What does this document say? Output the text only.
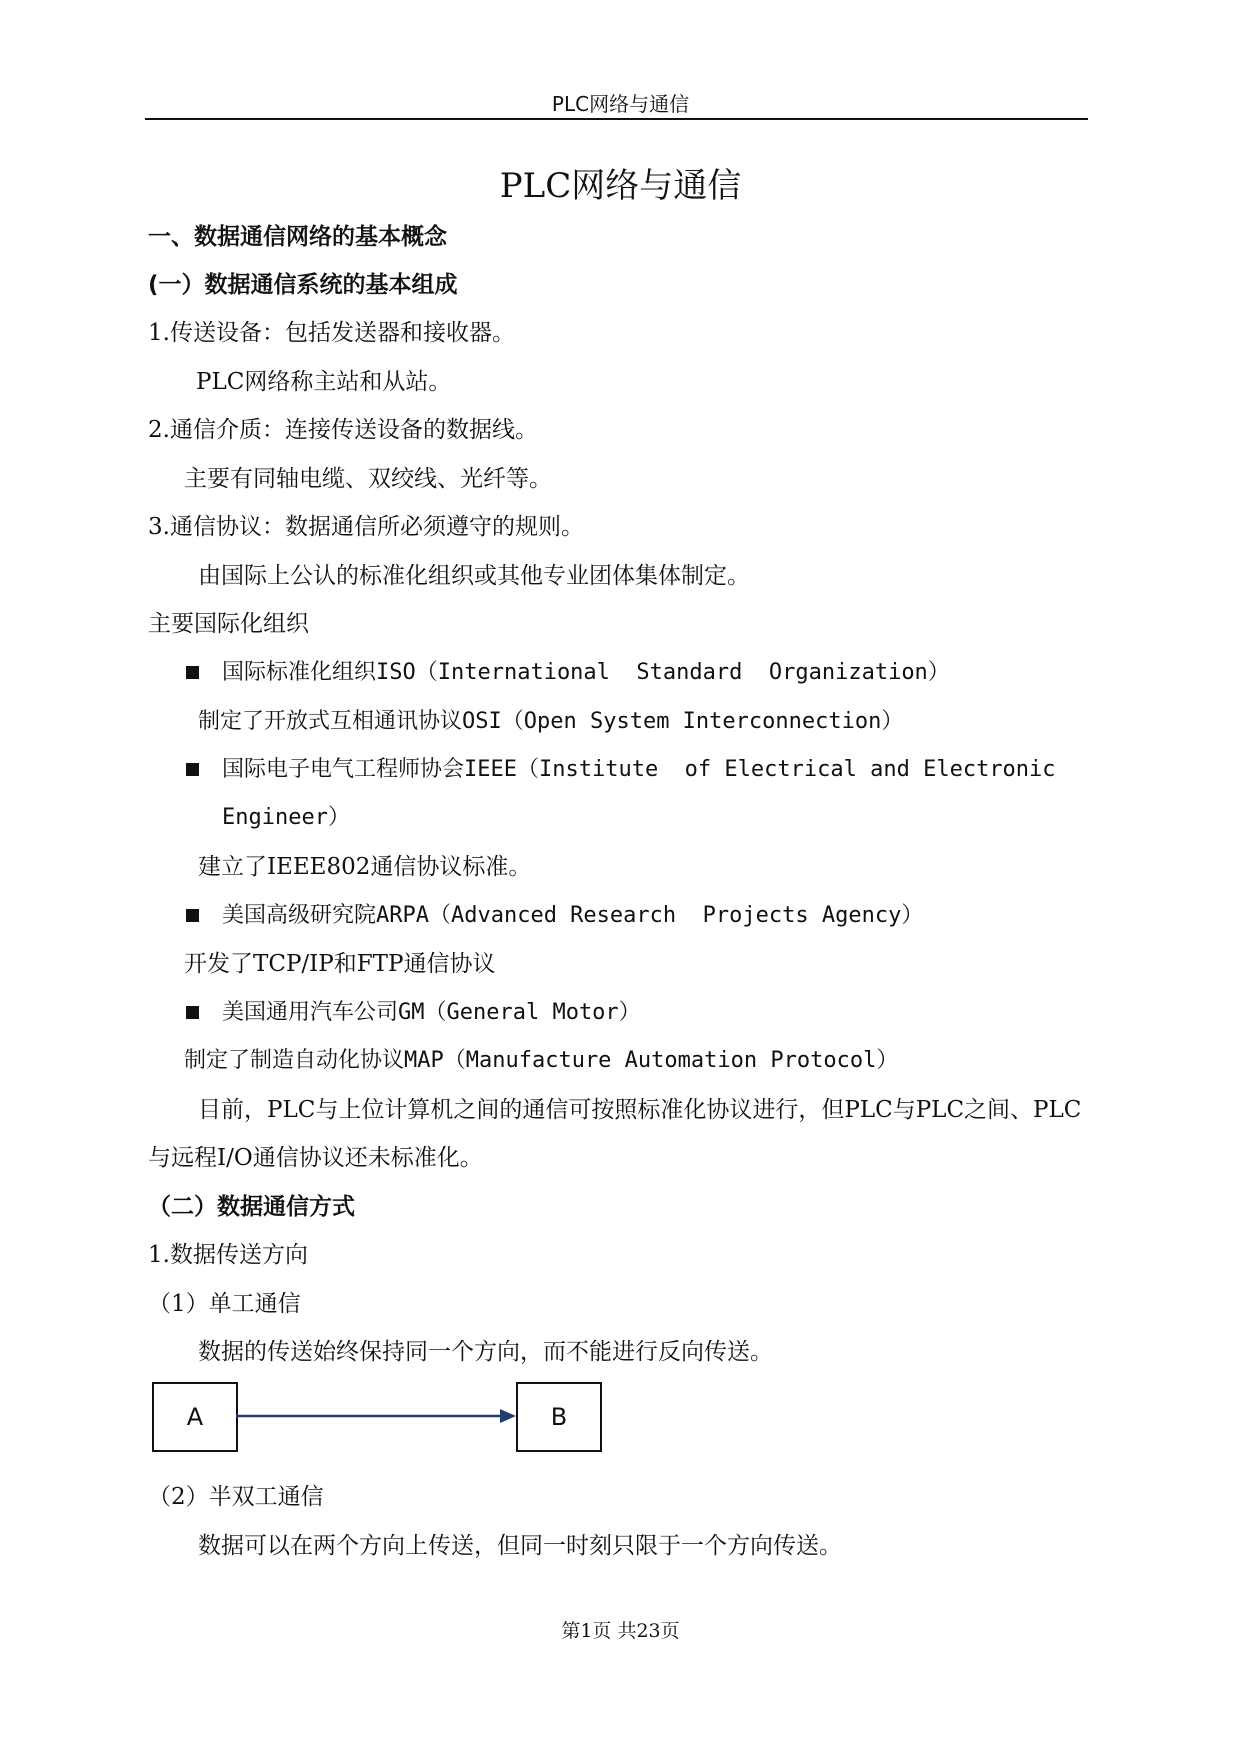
PLC网络与通信
PLC网络与通信
一、数据通信网络的基本概念
(一）数据通信系统的基本组成
1.传送设备：包括发送器和接收器。
PLC网络称主站和从站。
2.通信介质：连接传送设备的数据线。
主要有同轴电缆、双绞线、光纤等。
3.通信协议：数据通信所必须遵守的规则。
由国际上公认的标准化组织或其他专业团体集体制定。
主要国际化组织
国际标准化组织ISO（International  Standard  Organization）
制定了开放式互相通讯协议OSI（Open System Interconnection）
国际电子电气工程师协会IEEE（Institute  of Electrical and Electronic
Engineer）
建立了IEEE802通信协议标准。
美国高级研究院ARPA（Advanced Research  Projects Agency）
开发了TCP/IP和FTP通信协议
美国通用汽车公司GM（General Motor）
制定了制造自动化协议MAP（Manufacture Automation Protocol）
目前，PLC与上位计算机之间的通信可按照标准化协议进行，但PLC与PLC之间、PLC
与远程I/O通信协议还未标准化。
（二）数据通信方式
1.数据传送方向
（1）单工通信
数据的传送始终保持同一个方向，而不能进行反向传送。
A	B
（2）半双工通信
数据可以在两个方向上传送，但同一时刻只限于一个方向传送。
第1页 共23页
